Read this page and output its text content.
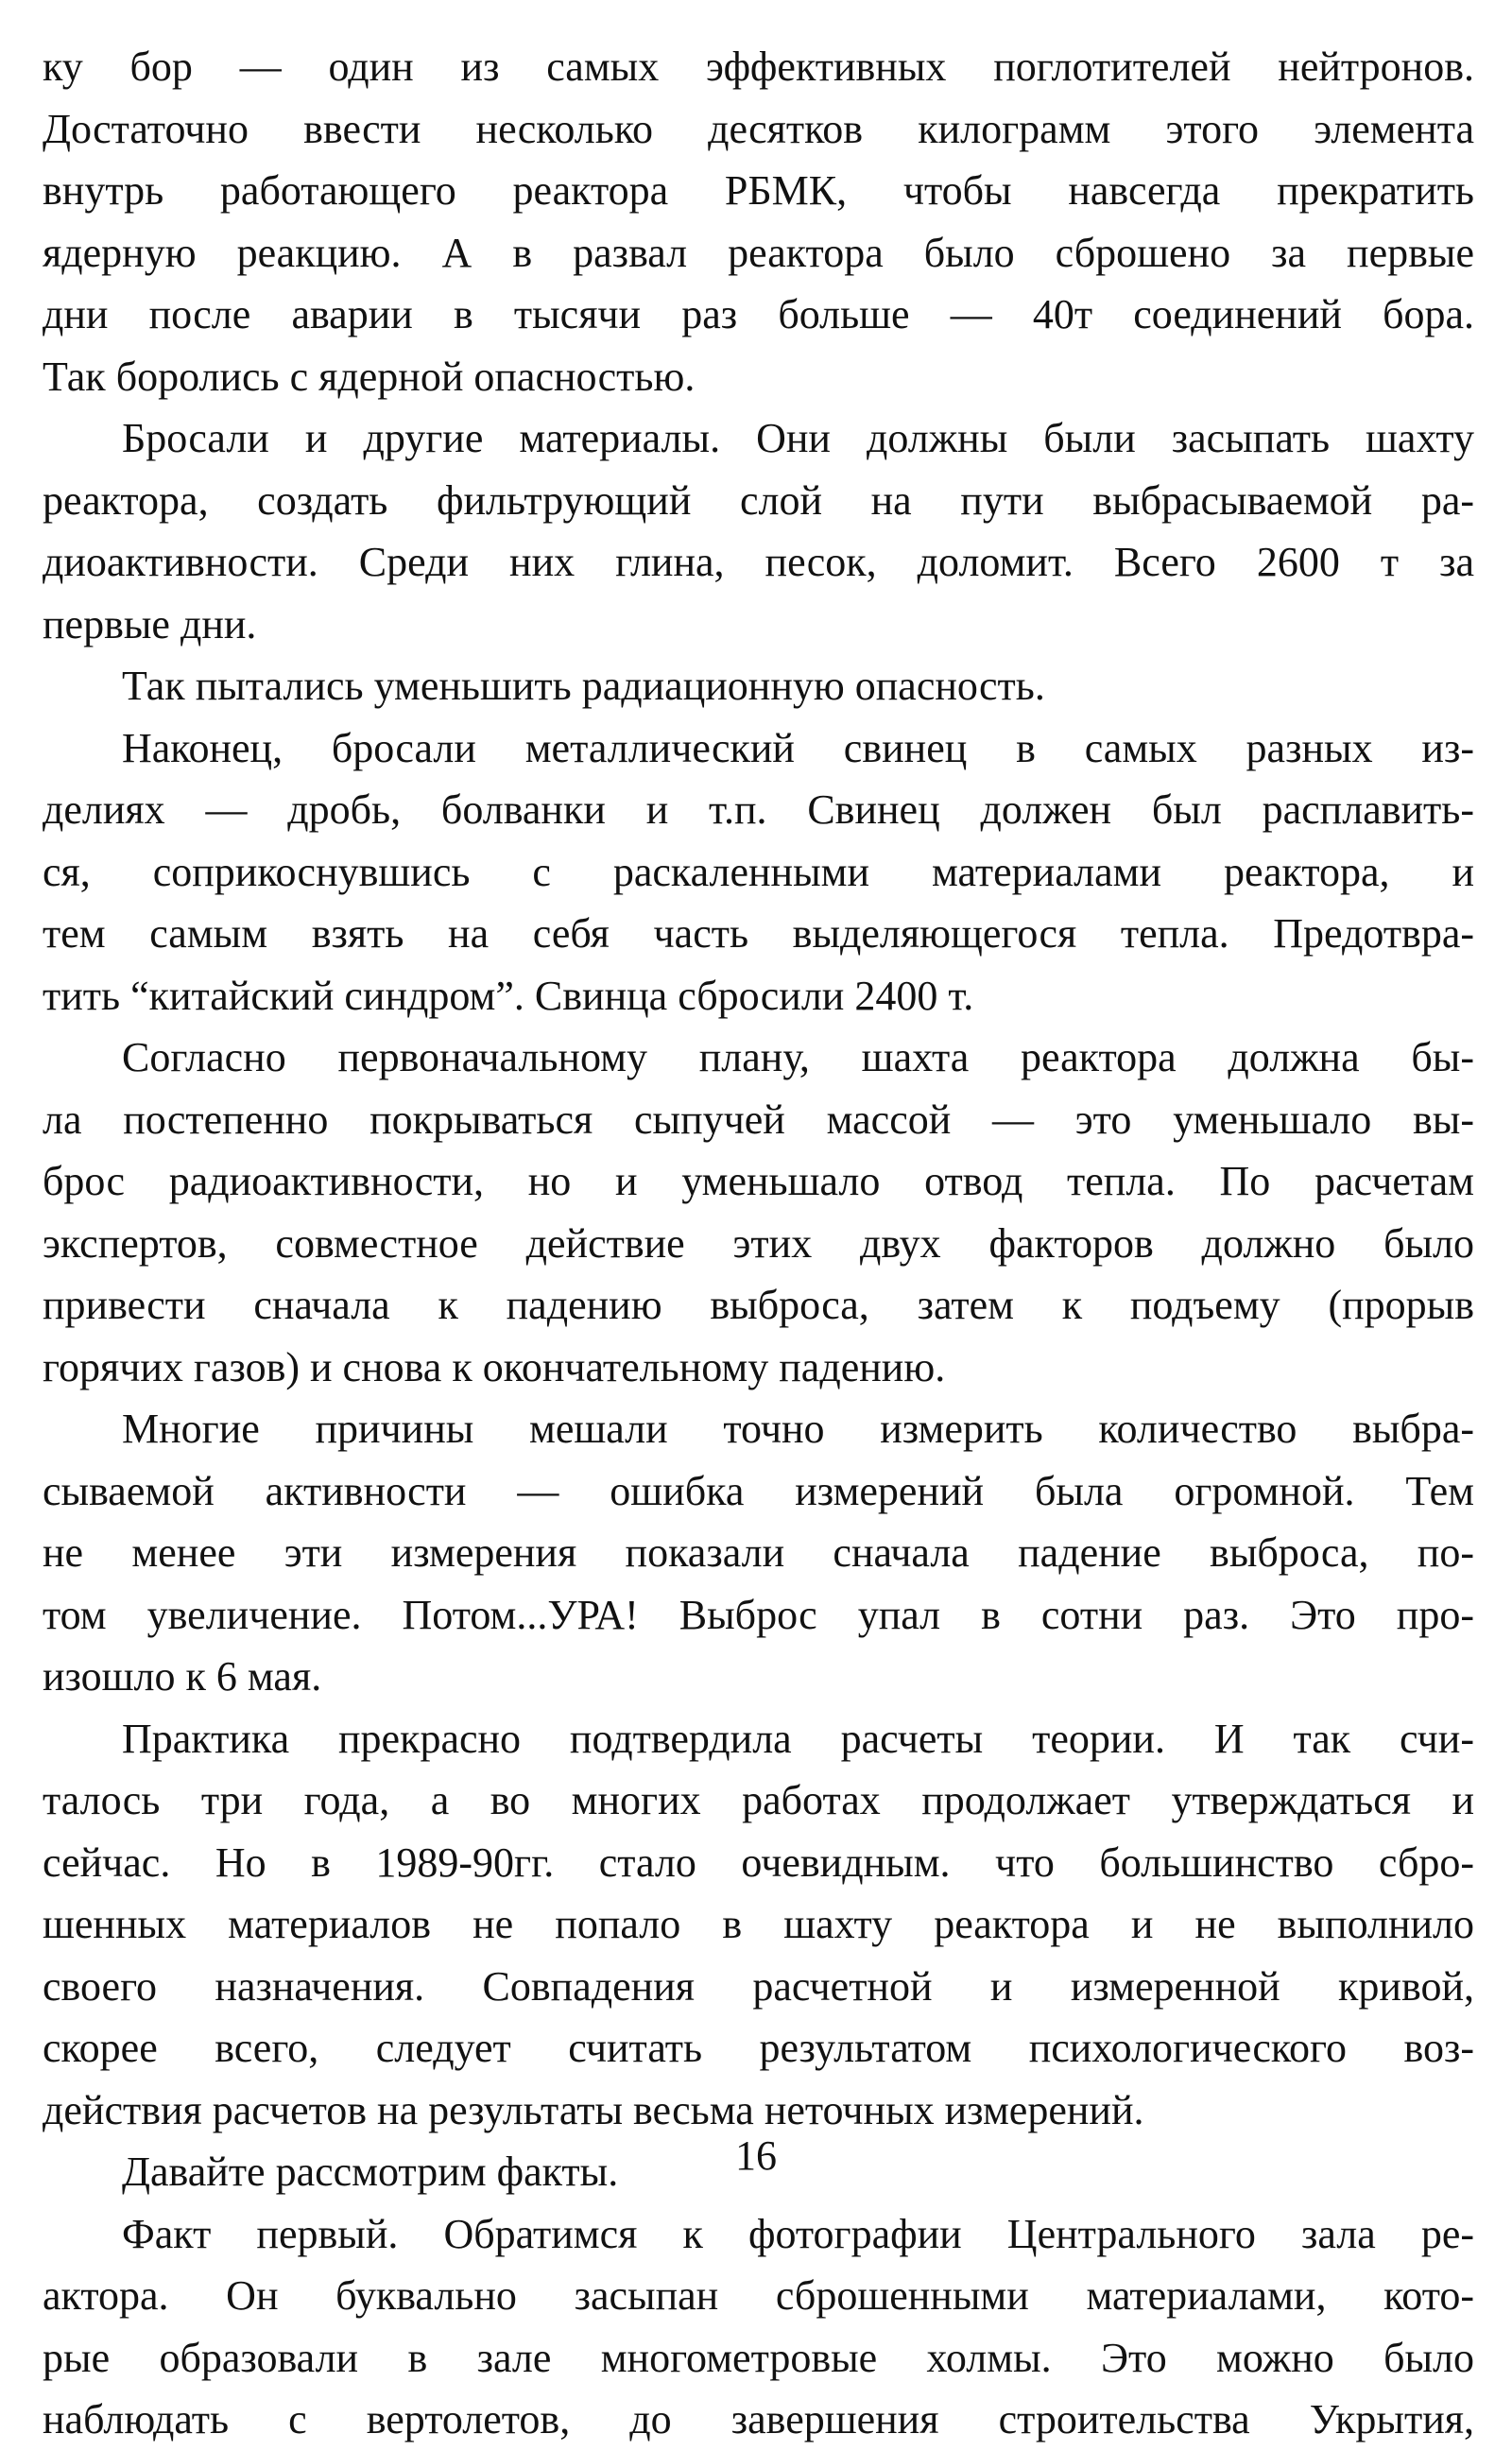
ку бор — один из самых эффективных поглотителей нейтронов.
Достаточно ввести несколько десятков килограмм этого элемента
внутрь работающего реактора РБМК, чтобы навсегда прекратить
ядерную реакцию. А в развал реактора было сброшено за первые
дни после аварии в тысячи раз больше — 40т соединений бора.
Так боролись с ядерной опасностью.
Бросали и другие материалы. Они должны были засыпать шахту
реактора, создать фильтрующий слой на пути выбрасываемой ра-
диоактивности. Среди них глина, песок, доломит. Всего 2600 т за
первые дни.
Так пытались уменьшить радиационную опасность.
Наконец, бросали металлический свинец в самых разных из-
делиях — дробь, болванки и т.п. Свинец должен был расплавить-
ся, соприкоснувшись с раскаленными материалами реактора, и
тем самым взять на себя часть выделяющегося тепла. Предотвра-
тить “китайский синдром”. Свинца сбросили 2400 т.
Согласно первоначальному плану, шахта реактора должна бы-
ла постепенно покрываться сыпучей массой — это уменьшало вы-
брос радиоактивности, но и уменьшало отвод тепла. По расчетам
экспертов, совместное действие этих двух факторов должно было
привести сначала к падению выброса, затем к подъему (прорыв
горячих газов) и снова к окончательному падению.
Многие причины мешали точно измерить количество выбра-
сываемой активности — ошибка измерений была огромной. Тем
не менее эти измерения показали сначала падение выброса, по-
том увеличение. Потом...УРА! Выброс упал в сотни раз. Это про-
изошло к 6 мая.
Практика прекрасно подтвердила расчеты теории. И так счи-
талось три года, а во многих работах продолжает утверждаться и
сейчас. Но в 1989-90гг. стало очевидным. что большинство сбро-
шенных материалов не попало в шахту реактора и не выполнило
своего назначения. Совпадения расчетной и измеренной кривой,
скорее всего, следует считать результатом психологического воз-
действия расчетов на результаты весьма неточных измерений.
Давайте рассмотрим факты.
Факт первый. Обратимся к фотографии Центрального зала ре-
актора. Он буквально засыпан сброшенными материалами, кото-
рые образовали в зале многометровые холмы. Это можно было
наблюдать с вертолетов, до завершения строительства Укрытия,
16
